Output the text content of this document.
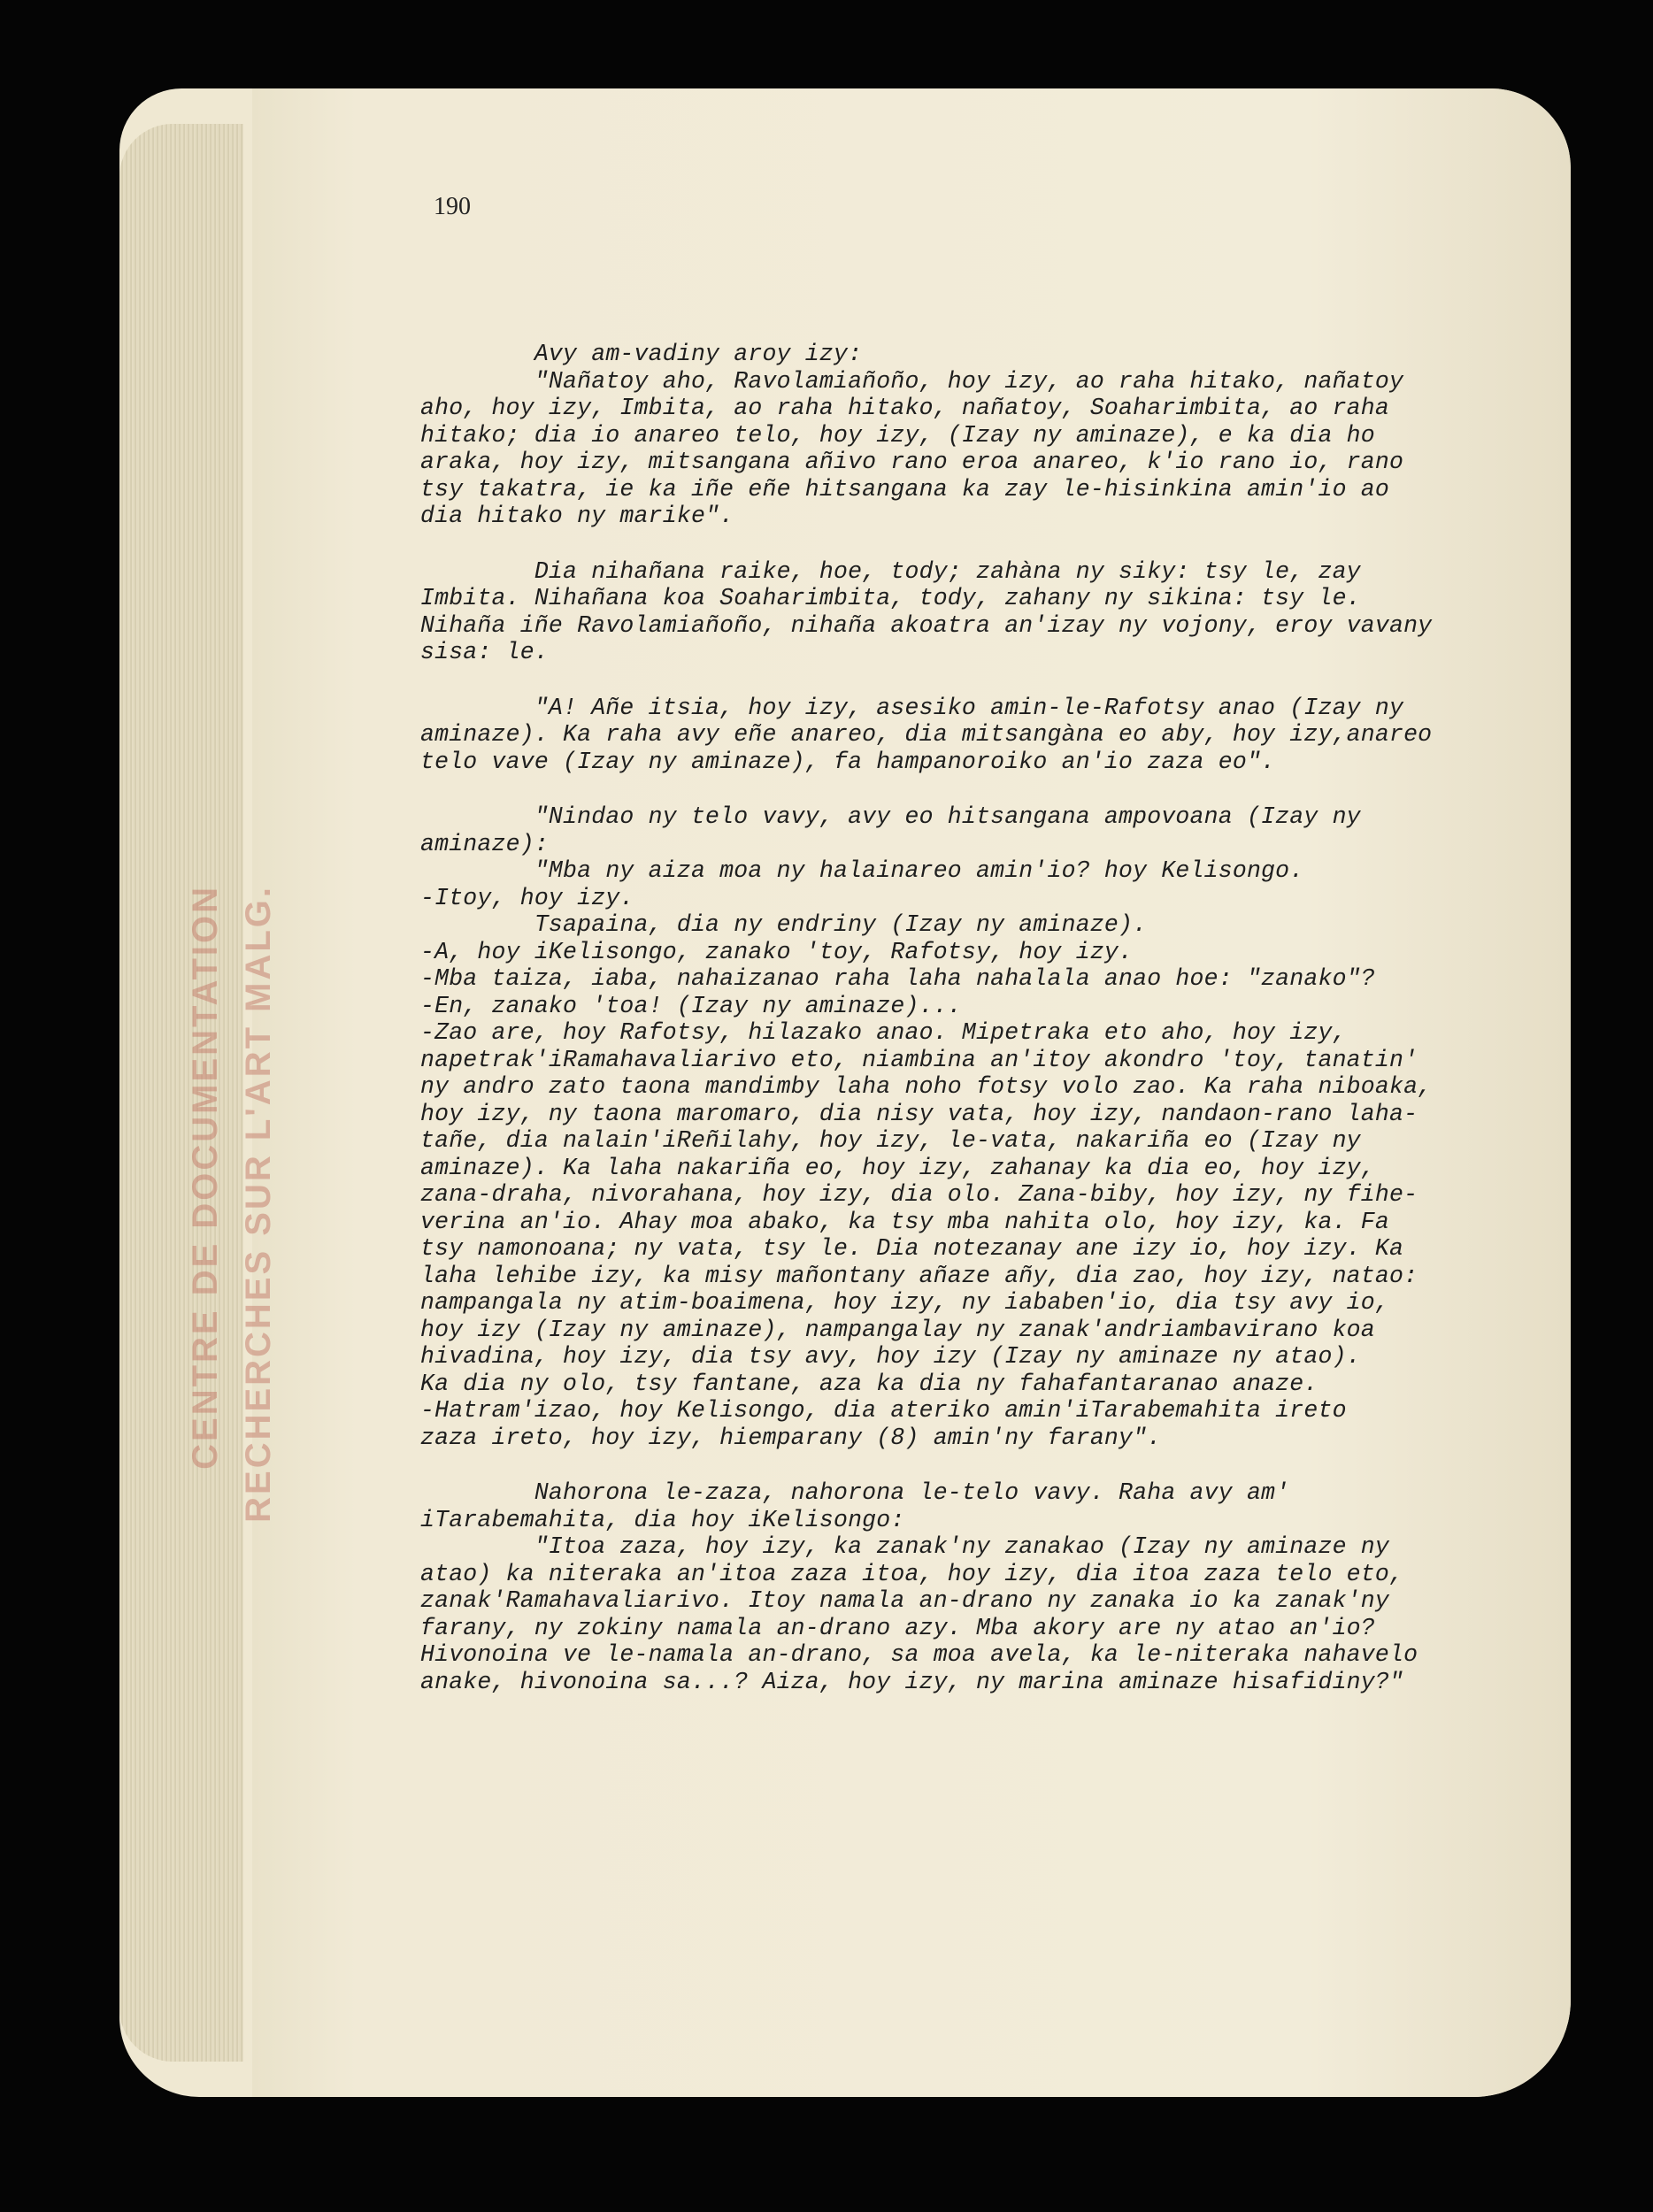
CENTRE DE DOCUMENTATION RECHERCHES SUR L'ART MALG.
190
Avy am-vadiny aroy izy:
"Nañatoy aho, Ravolamiañoño, hoy izy, ao raha hitako, nañatoy
aho, hoy izy, Imbita, ao raha hitako, nañatoy, Soaharimbita, ao raha
hitako; dia io anareo telo, hoy izy, (Izay ny aminaze), e ka dia ho
araka, hoy izy, mitsangana añivo rano eroa anareo, k'io rano io, rano
tsy takatra, ie ka iñe eñe hitsangana ka zay le-hisinkina amin'io ao
dia hitako ny marike".
Dia nihañana raike, hoe, tody; zahàna ny siky: tsy le, zay
Imbita. Nihañana koa Soaharimbita, tody, zahany ny sikina: tsy le.
Nihaña iñe Ravolamiañoño, nihaña akoatra an'izay ny vojony, eroy vavany
sisa: le.
"A! Añe itsia, hoy izy, asesiko amin-le-Rafotsy anao (Izay ny
aminaze). Ka raha avy eñe anareo, dia mitsangàna eo aby, hoy izy,anareo
telo vave (Izay ny aminaze), fa hampanoroiko an'io zaza eo".
"Nindao ny telo vavy, avy eo hitsangana ampovoana (Izay ny
aminaze):
"Mba ny aiza moa ny halainareo amin'io? hoy Kelisongo.
-Itoy, hoy izy.
Tsapaina, dia ny endriny (Izay ny aminaze).
-A, hoy iKelisongo, zanako 'toy, Rafotsy, hoy izy.
-Mba taiza, iaba, nahaizanao raha laha nahalala anao hoe: "zanako"?
-En, zanako 'toa! (Izay ny aminaze)...
-Zao are, hoy Rafotsy, hilazako anao. Mipetraka eto aho, hoy izy,
napetrak'iRamahavaliarivo eto, niambina an'itoy akondro 'toy, tanatin'
ny andro zato taona mandimby laha noho fotsy volo zao. Ka raha niboaka,
hoy izy, ny taona maromaro, dia nisy vata, hoy izy, nandaon-rano laha-
tañe, dia nalain'iReñilahy, hoy izy, le-vata, nakariña eo (Izay ny
aminaze). Ka laha nakariña eo, hoy izy, zahanay ka dia eo, hoy izy,
zana-draha, nivorahana, hoy izy, dia olo. Zana-biby, hoy izy, ny fihe-
verina an'io. Ahay moa abako, ka tsy mba nahita olo, hoy izy, ka. Fa
tsy namonoana; ny vata, tsy le. Dia notezanay ane izy io, hoy izy. Ka
laha lehibe izy, ka misy mañontany añaze añy, dia zao, hoy izy, natao:
nampangala ny atim-boaimena, hoy izy, ny iababen'io, dia tsy avy io,
hoy izy (Izay ny aminaze), nampangalay ny zanak'andriambavirano koa
hivadina, hoy izy, dia tsy avy, hoy izy (Izay ny aminaze ny atao).
Ka dia ny olo, tsy fantane, aza ka dia ny fahafantaranao anaze.
-Hatram'izao, hoy Kelisongo, dia ateriko amin'iTarabemahita ireto
zaza ireto, hoy izy, hiemparany (8) amin'ny farany".
Nahorona le-zaza, nahorona le-telo vavy. Raha avy am'
iTarabemahita, dia hoy iKelisongo:
"Itoa zaza, hoy izy, ka zanak'ny zanakao (Izay ny aminaze ny
atao) ka niteraka an'itoa zaza itoa, hoy izy, dia itoa zaza telo eto,
zanak'Ramahavaliarivo. Itoy namala an-drano ny zanaka io ka zanak'ny
farany, ny zokiny namala an-drano azy. Mba akory are ny atao an'io?
Hivonoina ve le-namala an-drano, sa moa avela, ka le-niteraka nahavelo
anake, hivonoina sa...? Aiza, hoy izy, ny marina aminaze hisafidiny?"
